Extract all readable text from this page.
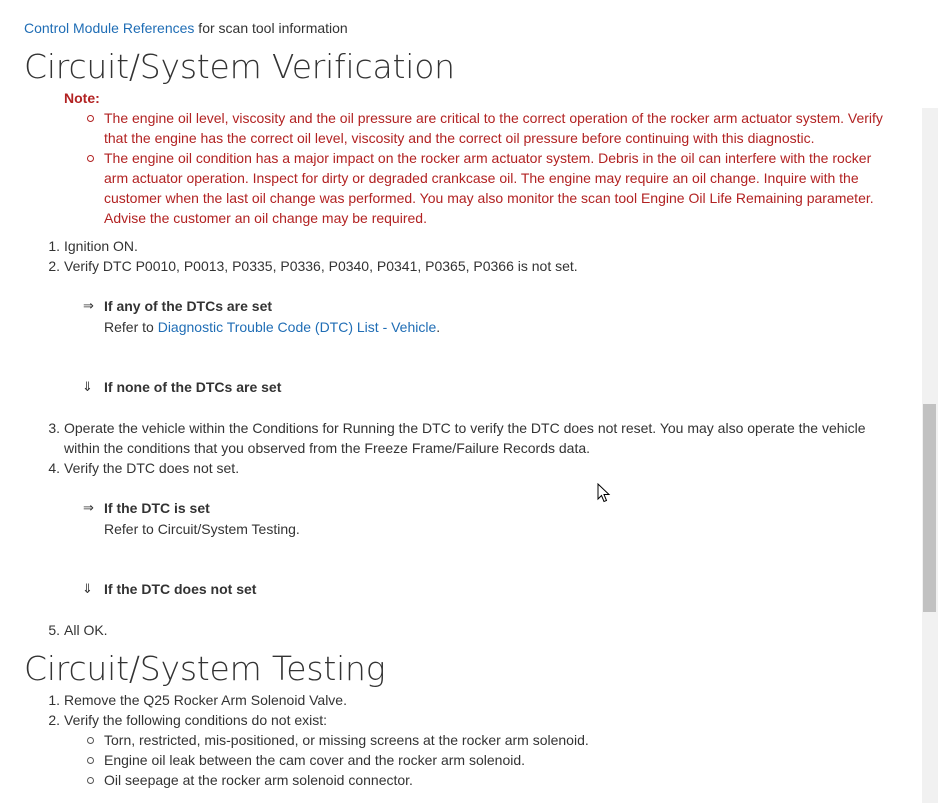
Control Module References for scan tool information
Circuit/System Verification
Note:
The engine oil level, viscosity and the oil pressure are critical to the correct operation of the rocker arm actuator system. Verify
that the engine has the correct oil level, viscosity and the correct oil pressure before continuing with this diagnostic.
The engine oil condition has a major impact on the rocker arm actuator system. Debris in the oil can interfere with the rocker
arm actuator operation. Inspect for dirty or degraded crankcase oil. The engine may require an oil change. Inquire with the
customer when the last oil change was performed. You may also monitor the scan tool Engine Oil Life Remaining parameter.
Advise the customer an oil change may be required.
1. Ignition ON.
2. Verify DTC P0010, P0013, P0335, P0336, P0340, P0341, P0365, P0366 is not set.
⇒ If any of the DTCs are set
Refer to Diagnostic Trouble Code (DTC) List - Vehicle.
⇓ If none of the DTCs are set
3. Operate the vehicle within the Conditions for Running the DTC to verify the DTC does not reset. You may also operate the vehicle
within the conditions that you observed from the Freeze Frame/Failure Records data.
4. Verify the DTC does not set.
⇒ If the DTC is set
Refer to Circuit/System Testing.
⇓ If the DTC does not set
5. All OK.
Circuit/System Testing
1. Remove the Q25 Rocker Arm Solenoid Valve.
2. Verify the following conditions do not exist:
Torn, restricted, mis-positioned, or missing screens at the rocker arm solenoid.
Engine oil leak between the cam cover and the rocker arm solenoid.
Oil seepage at the rocker arm solenoid connector.
